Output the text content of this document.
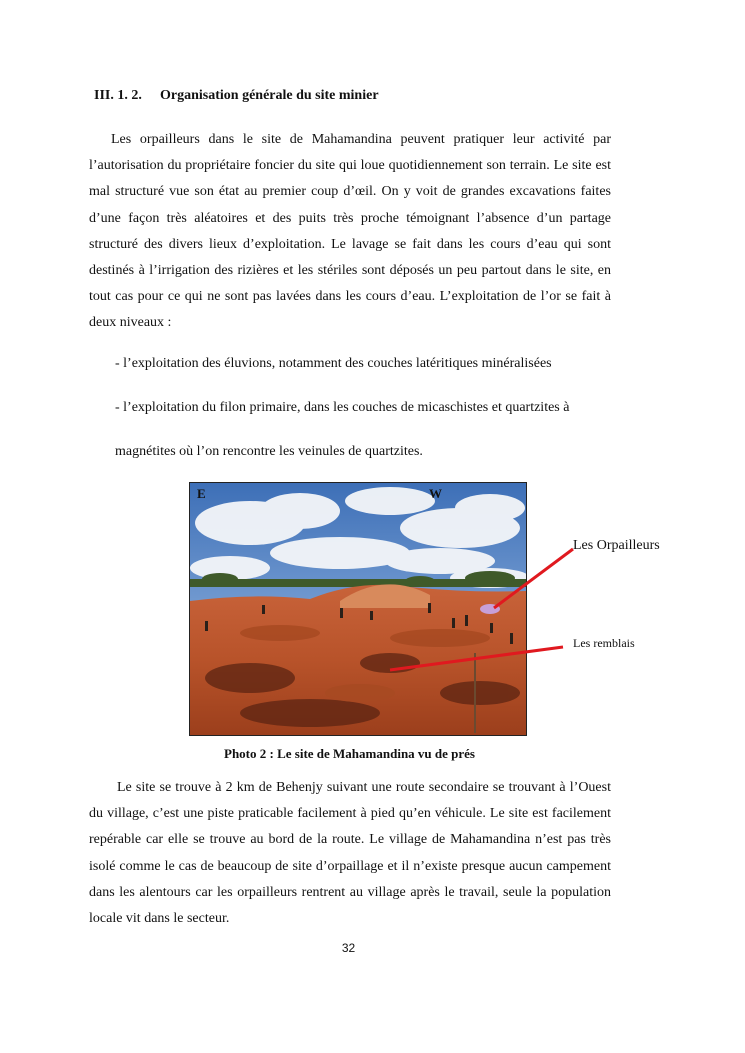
III. 1. 2. Organisation générale du site minier

Les orpailleurs dans le site de Mahamandina peuvent pratiquer leur activité par l’autorisation du propriétaire foncier du site qui loue quotidiennement son terrain. Le site est mal structuré vue son état au premier coup d’œil. On y voit de grandes excavations faites d’une façon très aléatoires et des puits très proche témoignant l’absence d’un partage structuré des divers lieux d’exploitation. Le lavage se fait dans les cours d’eau qui sont destinés à l’irrigation des rizières et les stériles sont déposés un peu partout dans le site, en tout cas pour ce qui ne sont pas lavées dans les cours d’eau. L’exploitation de l’or se fait à deux niveaux :

- l’exploitation des éluvions, notamment des couches latéritiques minéralisées
- l’exploitation du filon primaire, dans les couches de micaschistes et quartzites à
magnétites où l’on rencontre les veinules de quartzites.
E	W
Les Orpailleurs
Les remblais
Photo 2 : Le site de Mahamandina vu de prés

Le site se trouve à 2 km de Behenjy suivant une route secondaire se trouvant à l’Ouest du village, c’est une piste praticable facilement à pied qu’en véhicule. Le site est facilement repérable car elle se trouve au bord de la route. Le village de Mahamandina n’est pas très isolé comme le cas de beaucoup de site d’orpaillage et il n’existe presque aucun campement dans les alentours car les orpailleurs rentrent au village après le travail, seule la population locale vit dans le secteur.

32
